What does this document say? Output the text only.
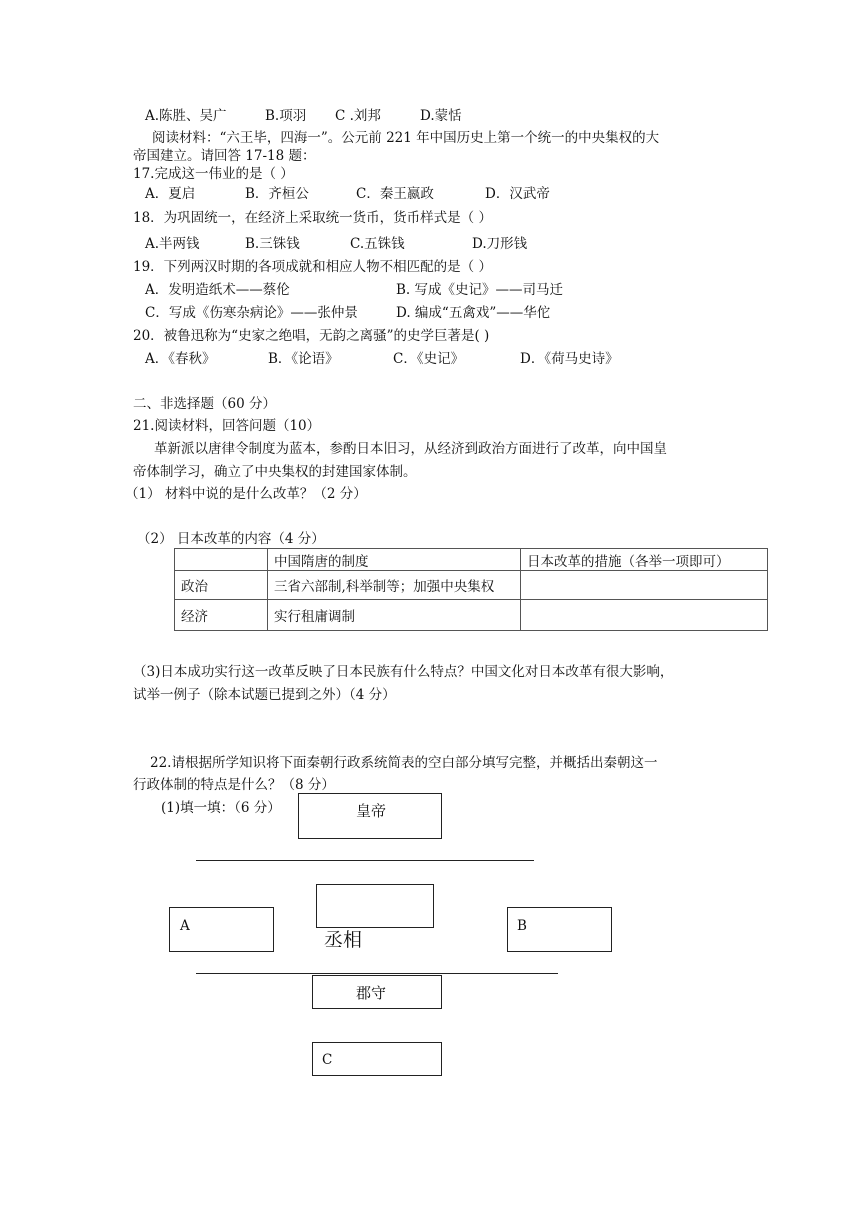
A.陈胜、吴广	B.项羽 C .刘邦	D.蒙恬
阅读材料：“六王毕，四海一”。公元前 221 年中国历史上第一个统一的中央集权的大
帝国建立。请回答 17-18 题：
17.完成这一伟业的是（ ）
A．夏启	B．齐桓公	C．秦王嬴政	D．汉武帝
18．为巩固统一，在经济上采取统一货币，货币样式是（ ）
A.半两钱	B.三铢钱	C.五铢钱	D.刀形钱
19．下列两汉时期的各项成就和相应人物不相匹配的是（ ）
A．发明造纸术——蔡伦	B. 写成《史记》——司马迁
C．写成《伤寒杂病论》——张仲景	D. 编成“五禽戏”——华佗
20．被鲁迅称为“史家之绝唱，无韵之离骚”的史学巨著是( )
A．《春秋》	B．《论语》	C．《史记》	D．《荷马史诗》
二、非选择题（60 分）
21.阅读材料，回答问题（10）
革新派以唐律令制度为蓝本，参酌日本旧习，从经济到政治方面进行了改革，向中国皇
帝体制学习，确立了中央集权的封建国家体制。
（1） 材料中说的是什么改革？（2 分）
（2） 日本改革的内容（4 分）
	中国隋唐的制度	日本改革的措施（各举一项即可）
政治	三省六部制,科举制等；加强中央集权	
经济	实行租庸调制	
（3)日本成功实行这一改革反映了日本民族有什么特点？中国文化对日本改革有很大影响，
试举一例子（除本试题已提到之外）（4 分）
22.请根据所学知识将下面秦朝行政系统简表的空白部分填写完整，并概括出秦朝这一
行政体制的特点是什么？（8 分）
(1)填一填：（6 分）	皇帝
丞相
A	B
郡守
C
